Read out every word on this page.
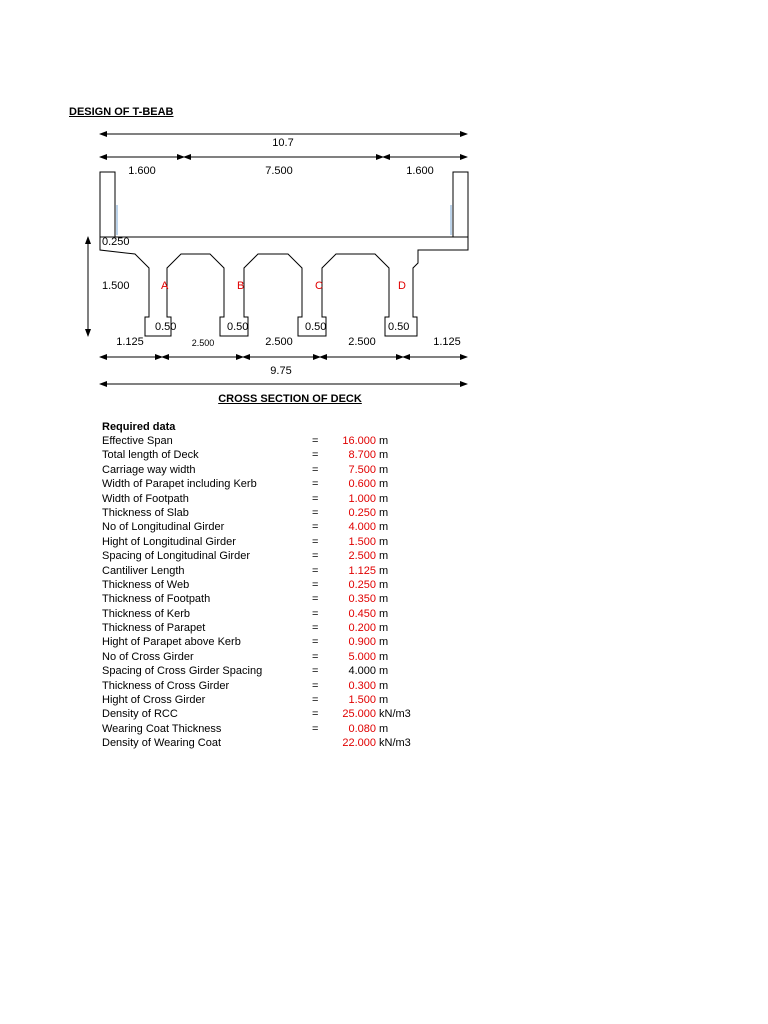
DESIGN OF T-BEAB
10.7
1.600	7.500	1.600
0.250
1.500	A	B	C	D
0.50	0.50	0.50	0.50
1.125	2.500	2.500	2.500	1.125
9.75
CROSS SECTION OF DECK
Required data
Effective Span	=	16.000 m
Total length of Deck	=	8.700 m
Carriage way width	=	7.500 m
Width of Parapet including Kerb	=	0.600 m
Width of Footpath	=	1.000 m
Thickness of Slab	=	0.250 m
No of Longitudinal Girder	=	4.000 m
Hight of Longitudinal Girder	=	1.500 m
Spacing of Longitudinal Girder	=	2.500 m
Cantiliver Length	=	1.125 m
Thickness of Web	=	0.250 m
Thickness of Footpath	=	0.350 m
Thickness of Kerb	=	0.450 m
Thickness of Parapet	=	0.200 m
Hight of Parapet above Kerb	=	0.900 m
No of Cross Girder	=	5.000 m
Spacing of Cross Girder Spacing	=	4.000 m
Thickness of Cross Girder	=	0.300 m
Hight of Cross Girder	=	1.500 m
Density of RCC	=	25.000 kN/m3
Wearing Coat Thickness	=	0.080 m
Density of Wearing Coat	22.000 kN/m3
